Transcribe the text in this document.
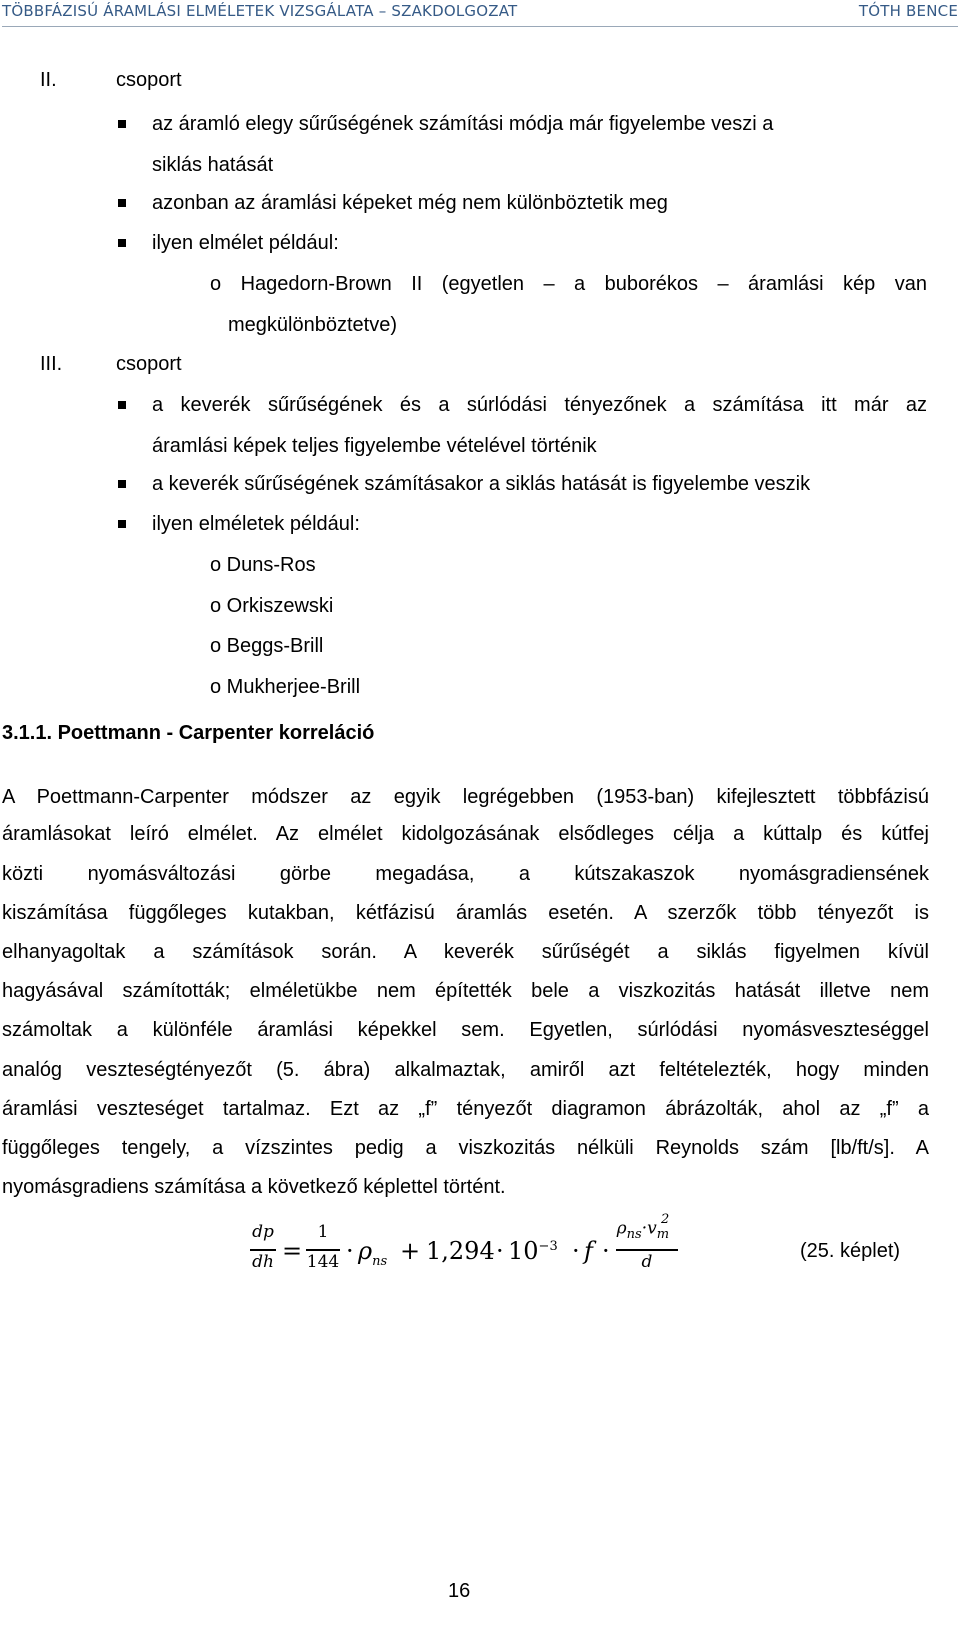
TÖBBFÁZISÚ ÁRAMLÁSI ELMÉLETEK VIZSGÁLATA – SZAKDOLGOZAT	TÓTH BENCE
II.	csoport
az áramló elegy sűrűségének számítási módja már figyelembe veszi a
siklás hatását
azonban az áramlási képeket még nem különböztetik meg
ilyen elmélet például:
o Hagedorn-Brown II (egyetlen – a buborékos – áramlási kép van
megkülönböztetve)
III.	csoport
a keverék sűrűségének és a súrlódási tényezőnek a számítása itt már az
áramlási képek teljes figyelembe vételével történik
a keverék sűrűségének számításakor a siklás hatását is figyelembe veszik
ilyen elméletek például:
o Duns-Ros
o Orkiszewski
o Beggs-Brill
o Mukherjee-Brill
3.1.1. Poettmann - Carpenter korreláció
A Poettmann-Carpenter módszer az egyik legrégebben (1953-ban) kifejlesztett többfázisú
áramlásokat leíró elmélet. Az elmélet kidolgozásának elsődleges célja a kúttalp és kútfej
közti nyomásváltozási görbe megadása, a kútszakaszok nyomásgradiensének
kiszámítása függőleges kutakban, kétfázisú áramlás esetén. A szerzők több tényezőt is
elhanyagoltak a számítások során. A keverék sűrűségét a siklás figyelmen kívül
hagyásával számították; elméletükbe nem építették bele a viszkozitás hatását illetve nem
számoltak a különféle áramlási képekkel sem. Egyetlen, súrlódási nyomásveszteséggel
analóg veszteségtényezőt (5. ábra) alkalmaztak, amiről azt feltételezték, hogy minden
áramlási veszteséget tartalmaz. Ezt az „f” tényezőt diagramon ábrázolták, ahol az „f” a
függőleges tengely, a vízszintes pedig a viszkozitás nélküli Reynolds szám [lb/ft/s]. A
nyomásgradiens számítása a következő képlettel történt.
dp
dh =
1
$144 \cdot \rho_{ns} + 1,294 \cdot 10^{-3} \cdot f$ ·
$\rho_{ns}\cdot v_m^2$
d	(25. képlet)
16
